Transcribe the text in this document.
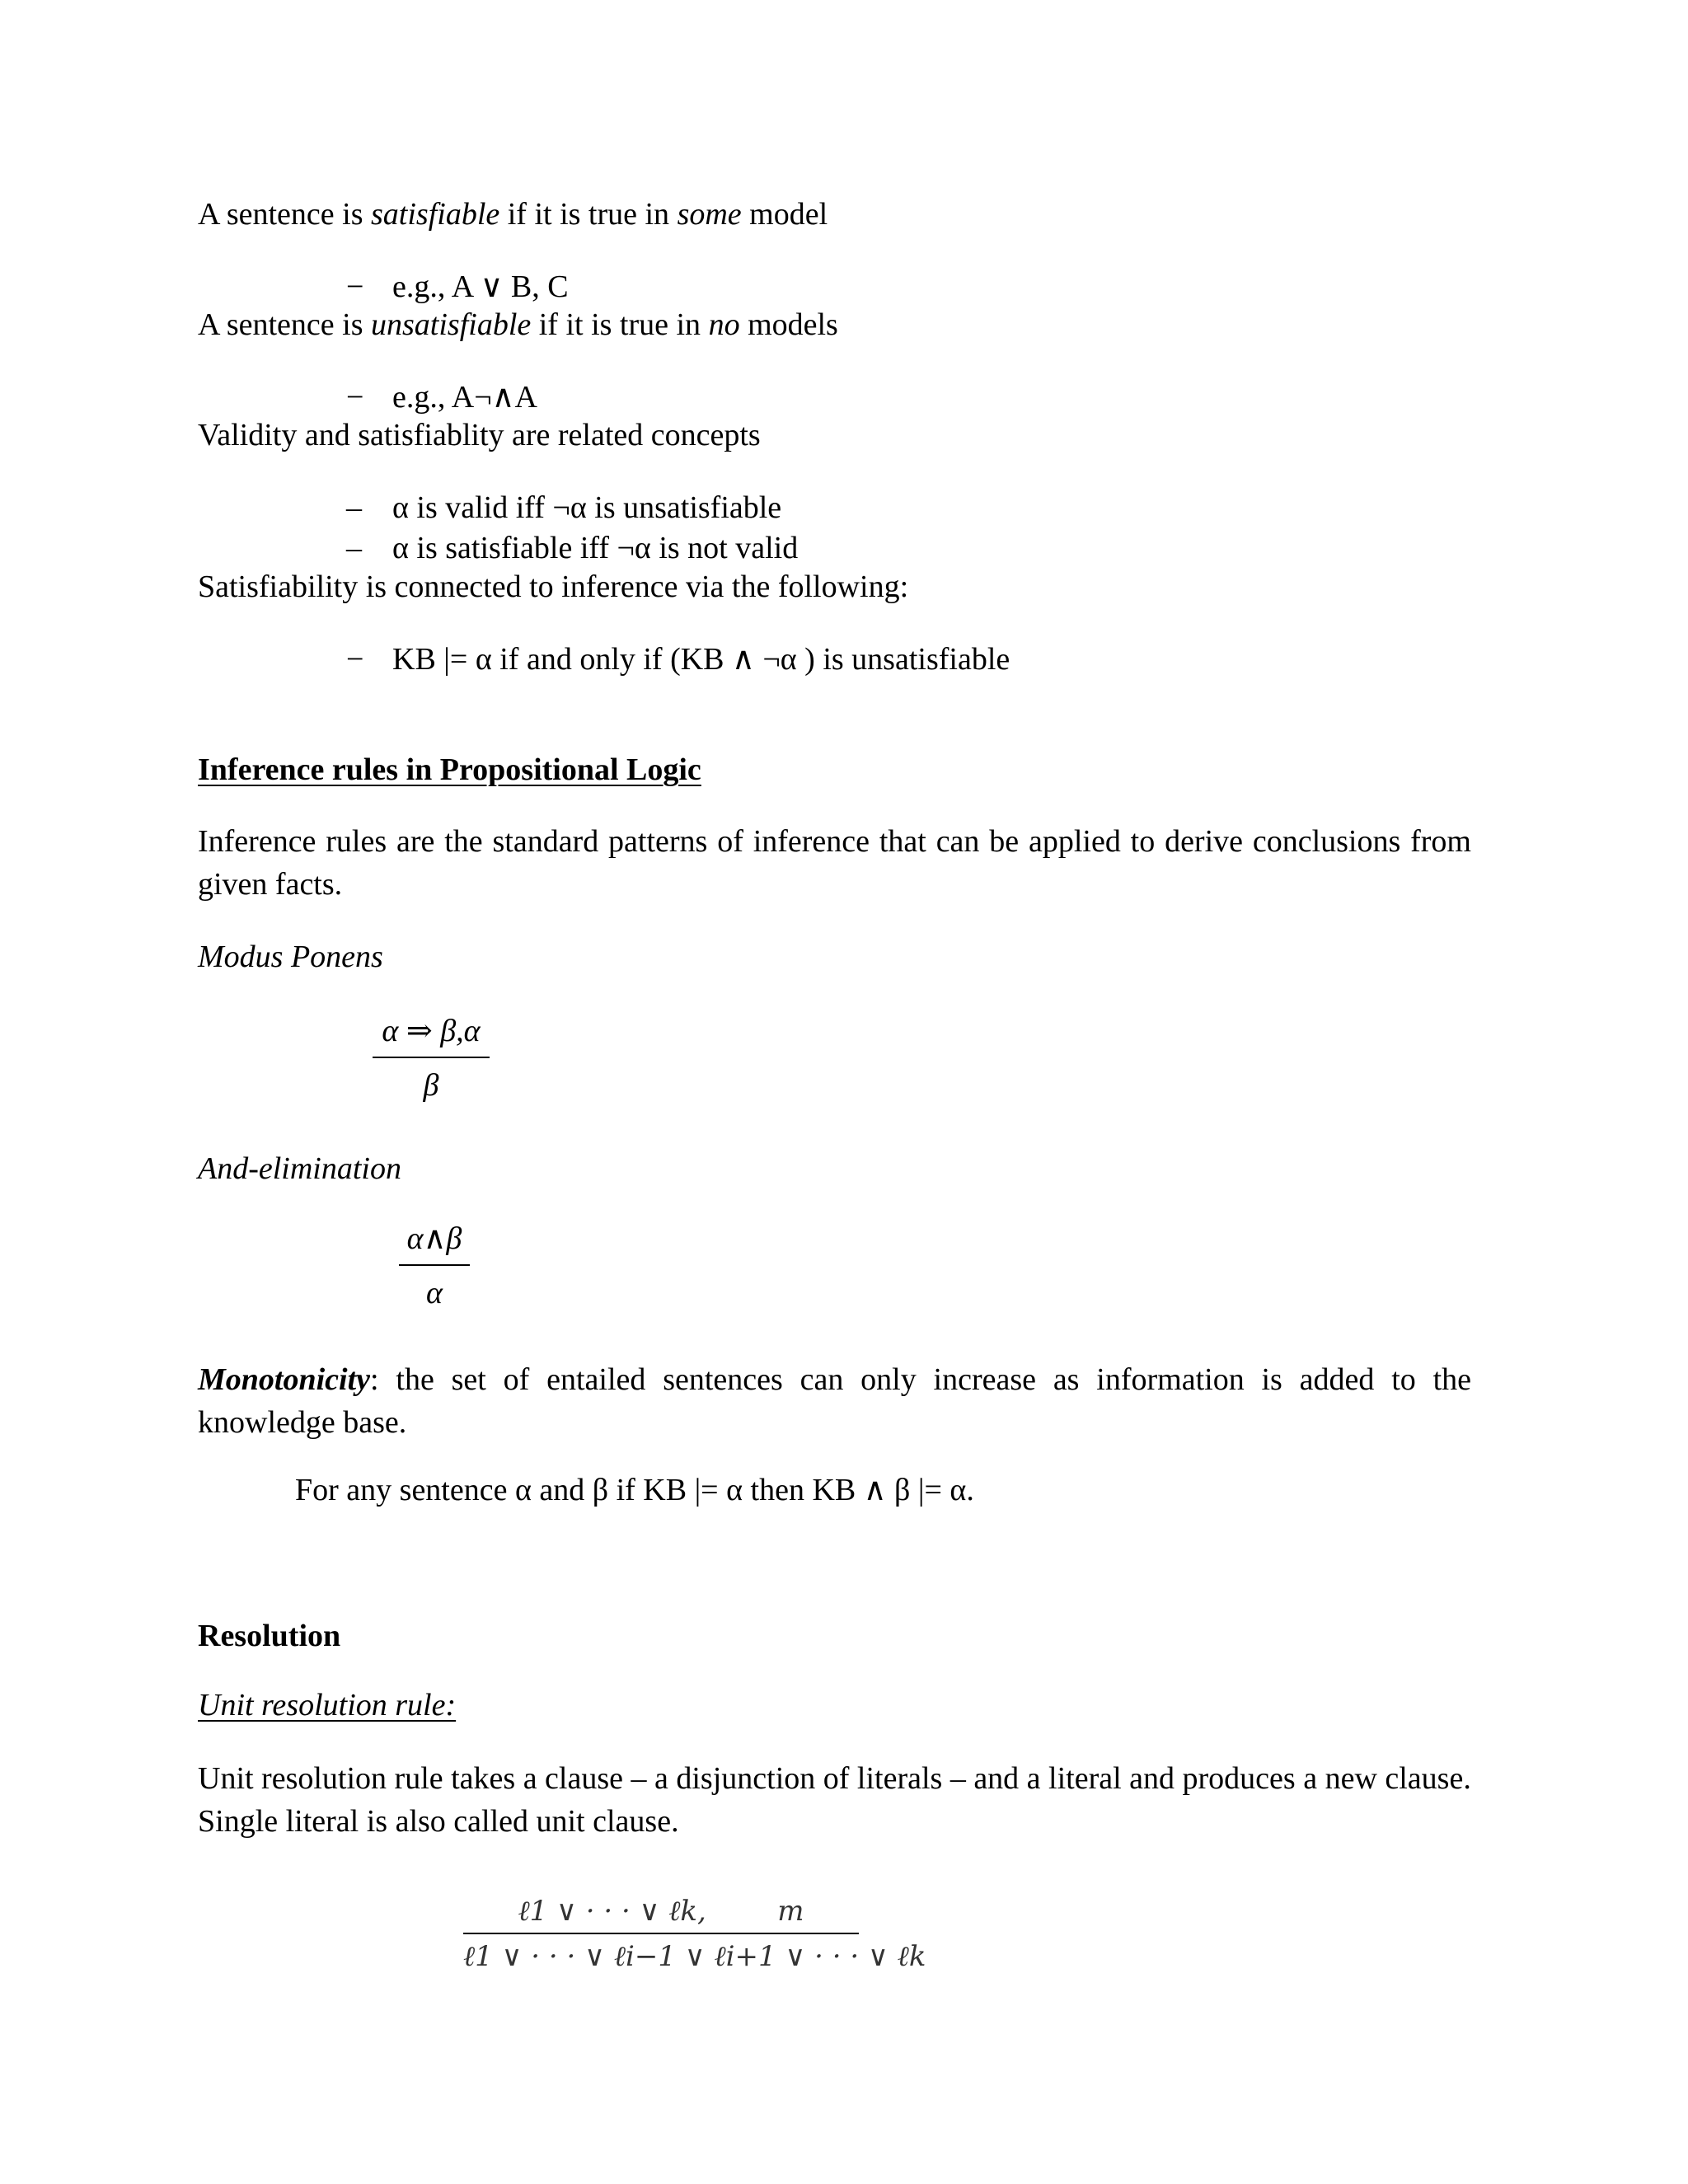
A sentence is satisfiable if it is true in some model
− e.g., A ∨ B, C
A sentence is unsatisfiable if it is true in no models
− e.g., A¬∧A
Validity and satisfiablity are related concepts
– α is valid iff ¬α is unsatisfiable
– α is satisfiable iff ¬α is not valid
Satisfiability is connected to inference via the following:
− KB |= α if and only if (KB ∧ ¬α ) is unsatisfiable
Inference rules in Propositional Logic
Inference rules are the standard patterns of inference that can be applied to derive conclusions from given facts.
Modus Ponens
α ⇒ β,α
β
And-elimination
α∧β
α
Monotonicity: the set of entailed sentences can only increase as information is added to the knowledge base.
For any sentence α and β if KB |= α then KB ∧ β |= α.
Resolution
Unit resolution rule:
Unit resolution rule takes a clause – a disjunction of literals – and a literal and produces a new clause. Single literal is also called unit clause.
ℓ1 ∨ · · · ∨ ℓk,        m
ℓ1 ∨ · · · ∨ ℓi−1 ∨ ℓi+1 ∨ · · · ∨ ℓk
